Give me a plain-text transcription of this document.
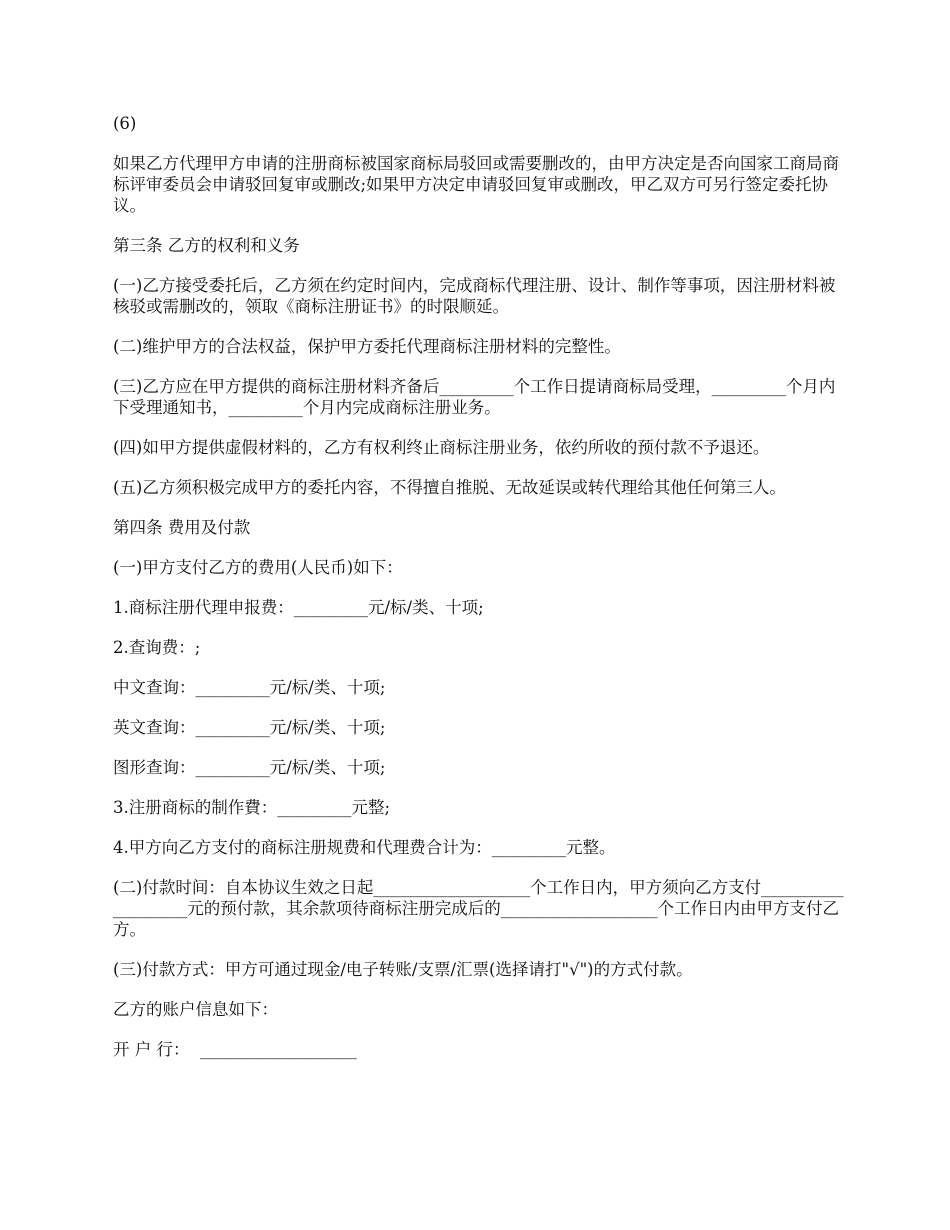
(6)

如果乙方代理甲方申请的注册商标被国家商标局驳回或需要删改的，由甲方决定是否向国家工商局商标评审委员会申请驳回复审或删改;如果甲方决定申请驳回复审或删改，甲乙双方可另行签定委托协议。

第三条 乙方的权利和义务

(一)乙方接受委托后，乙方须在约定时间内，完成商标代理注册、设计、制作等事项，因注册材料被核驳或需删改的，领取《商标注册证书》的时限顺延。

(二)维护甲方的合法权益，保护甲方委托代理商标注册材料的完整性。

(三)乙方应在甲方提供的商标注册材料齐备后_________个工作日提请商标局受理，_________个月内下受理通知书，_________个月内完成商标注册业务。

(四)如甲方提供虚假材料的，乙方有权利终止商标注册业务，依约所收的预付款不予退还。

(五)乙方须积极完成甲方的委托内容，不得擅自推脱、无故延误或转代理给其他任何第三人。

第四条 费用及付款

(一)甲方支付乙方的费用(人民币)如下：

1.商标注册代理申报费：_________元/标/类、十项;

2.查询费：;

中文查询：_________元/标/类、十项;

英文查询：_________元/标/类、十项;

图形查询：_________元/标/类、十项;

3.注册商标的制作費：_________元整;

4.甲方向乙方支付的商标注册规费和代理费合计为：_________元整。

(二)付款时间：自本协议生效之日起___________________个工作日内，甲方须向乙方支付___________________元的预付款，其余款项待商标注册完成后的___________________个工作日内由甲方支付乙方。

(三)付款方式：甲方可通过现金/电子转账/支票/汇票(选择请打"√")的方式付款。

乙方的账户信息如下：

开 户 行：  ___________________
